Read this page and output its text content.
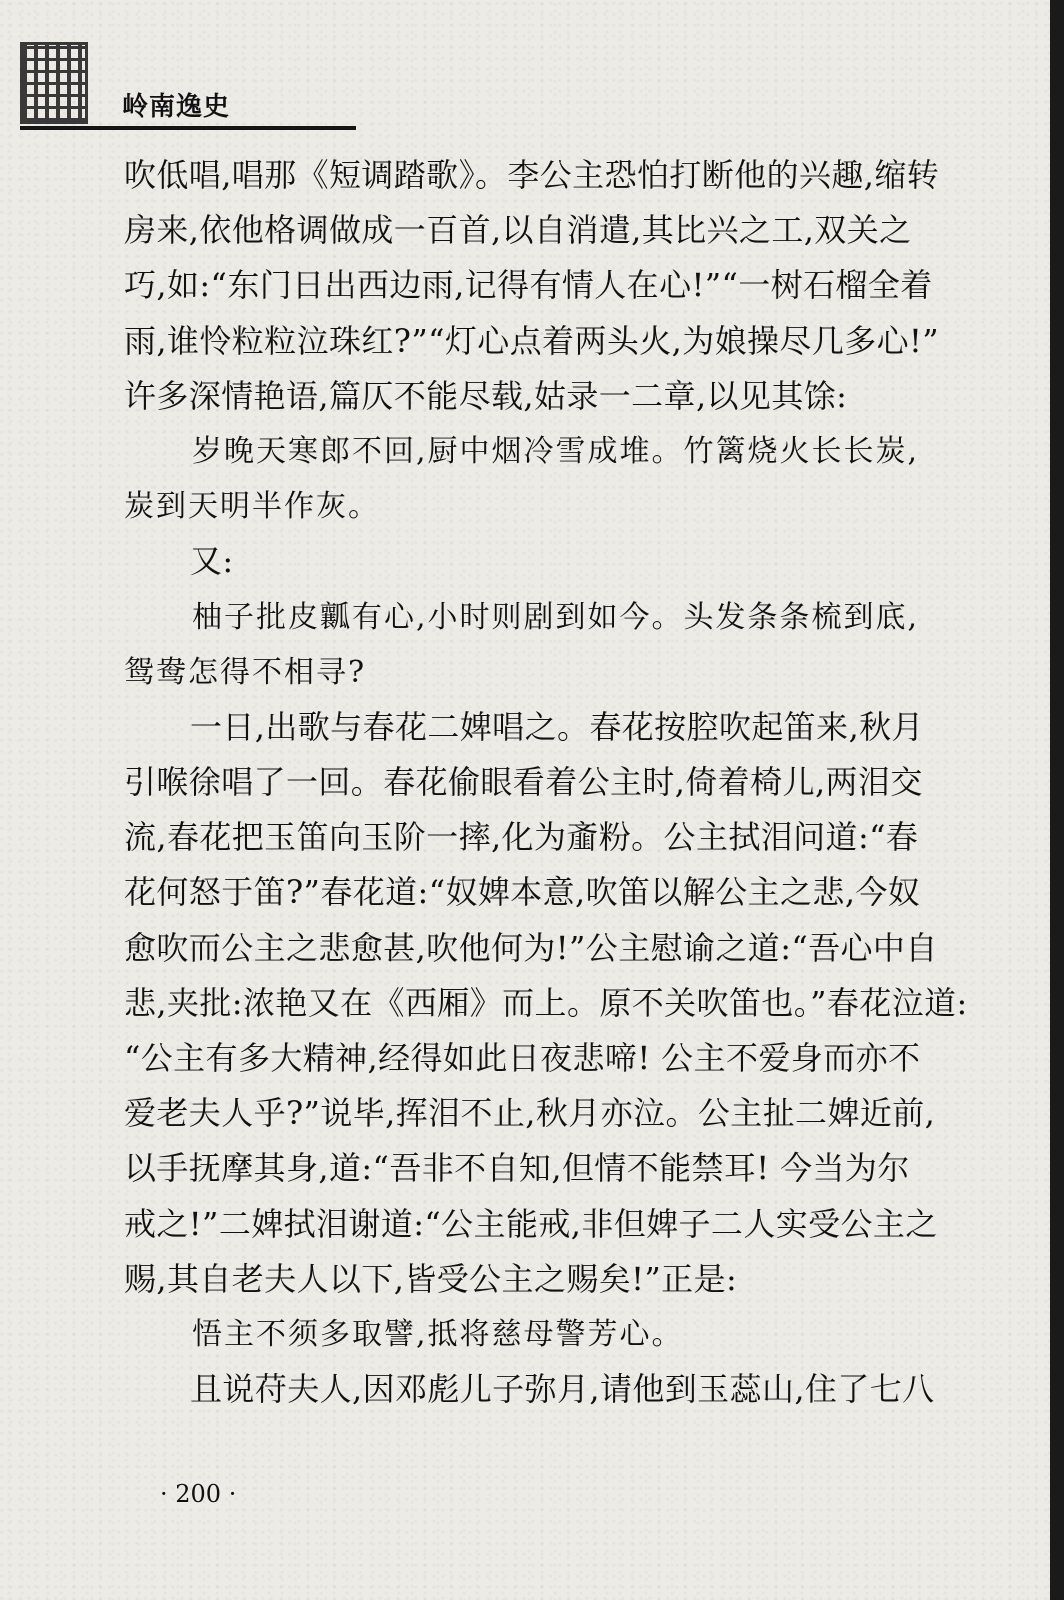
岭南逸史
吹低唱,唱那《短调踏歌》。李公主恐怕打断他的兴趣,缩转
房来,依他格调做成一百首,以自消遣,其比兴之工,双关之
巧,如:“东门日出西边雨,记得有情人在心!”“一树石榴全着
雨,谁怜粒粒泣珠红?”“灯心点着两头火,为娘操尽几多心!”
许多深情艳语,篇仄不能尽载,姑录一二章,以见其馀:
岁晚天寒郎不回,厨中烟冷雪成堆。竹篱烧火长长炭,
炭到天明半作灰。
又:
柚子批皮瓤有心,小时则剧到如今。头发条条梳到底,
鸳鸯怎得不相寻?
一日,出歌与春花二婢唱之。春花按腔吹起笛来,秋月
引喉徐唱了一回。春花偷眼看着公主时,倚着椅儿,两泪交
流,春花把玉笛向玉阶一摔,化为齑粉。公主拭泪问道:“春
花何怒于笛?”春花道:“奴婢本意,吹笛以解公主之悲,今奴
愈吹而公主之悲愈甚,吹他何为!”公主慰谕之道:“吾心中自
悲,夹批:浓艳又在《西厢》而上。原不关吹笛也。”春花泣道:
“公主有多大精神,经得如此日夜悲啼! 公主不爱身而亦不
爱老夫人乎?”说毕,挥泪不止,秋月亦泣。公主扯二婢近前,
以手抚摩其身,道:“吾非不自知,但情不能禁耳! 今当为尔
戒之!”二婢拭泪谢道:“公主能戒,非但婢子二人实受公主之
赐,其自老夫人以下,皆受公主之赐矣!”正是:
悟主不须多取譬,抵将慈母警芳心。
且说苻夫人,因邓彪儿子弥月,请他到玉蕊山,住了七八
· 200 ·
